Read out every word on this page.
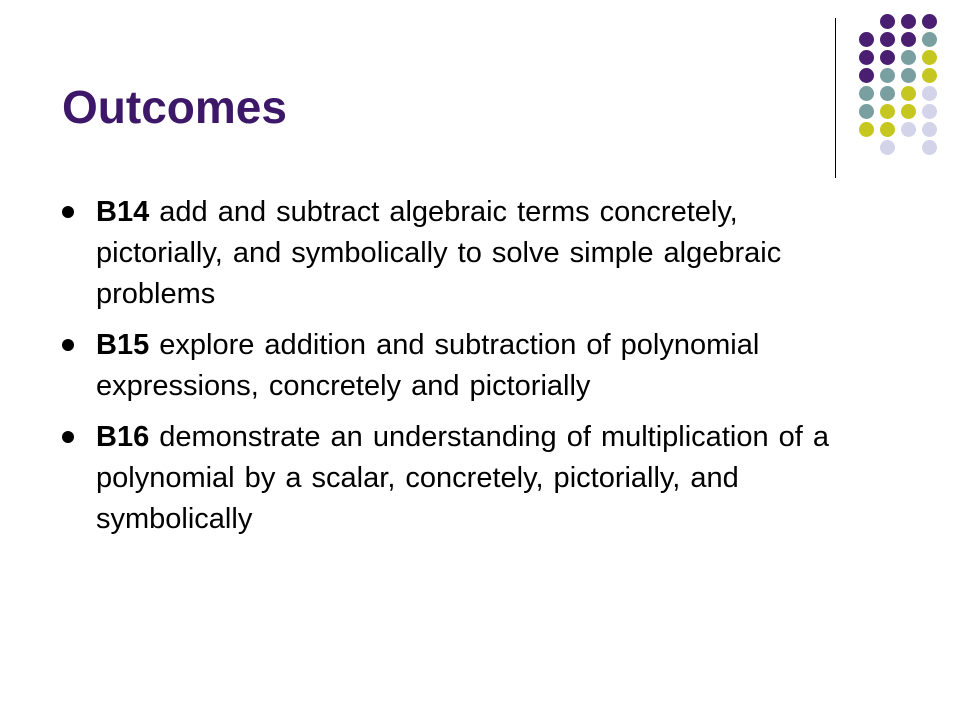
Outcomes
B14 add and subtract algebraic terms concretely, pictorially, and symbolically to solve simple algebraic problems
B15 explore addition and subtraction of polynomial expressions, concretely and pictorially
B16 demonstrate an understanding of multiplication of a polynomial by a scalar, concretely, pictorially, and symbolically
